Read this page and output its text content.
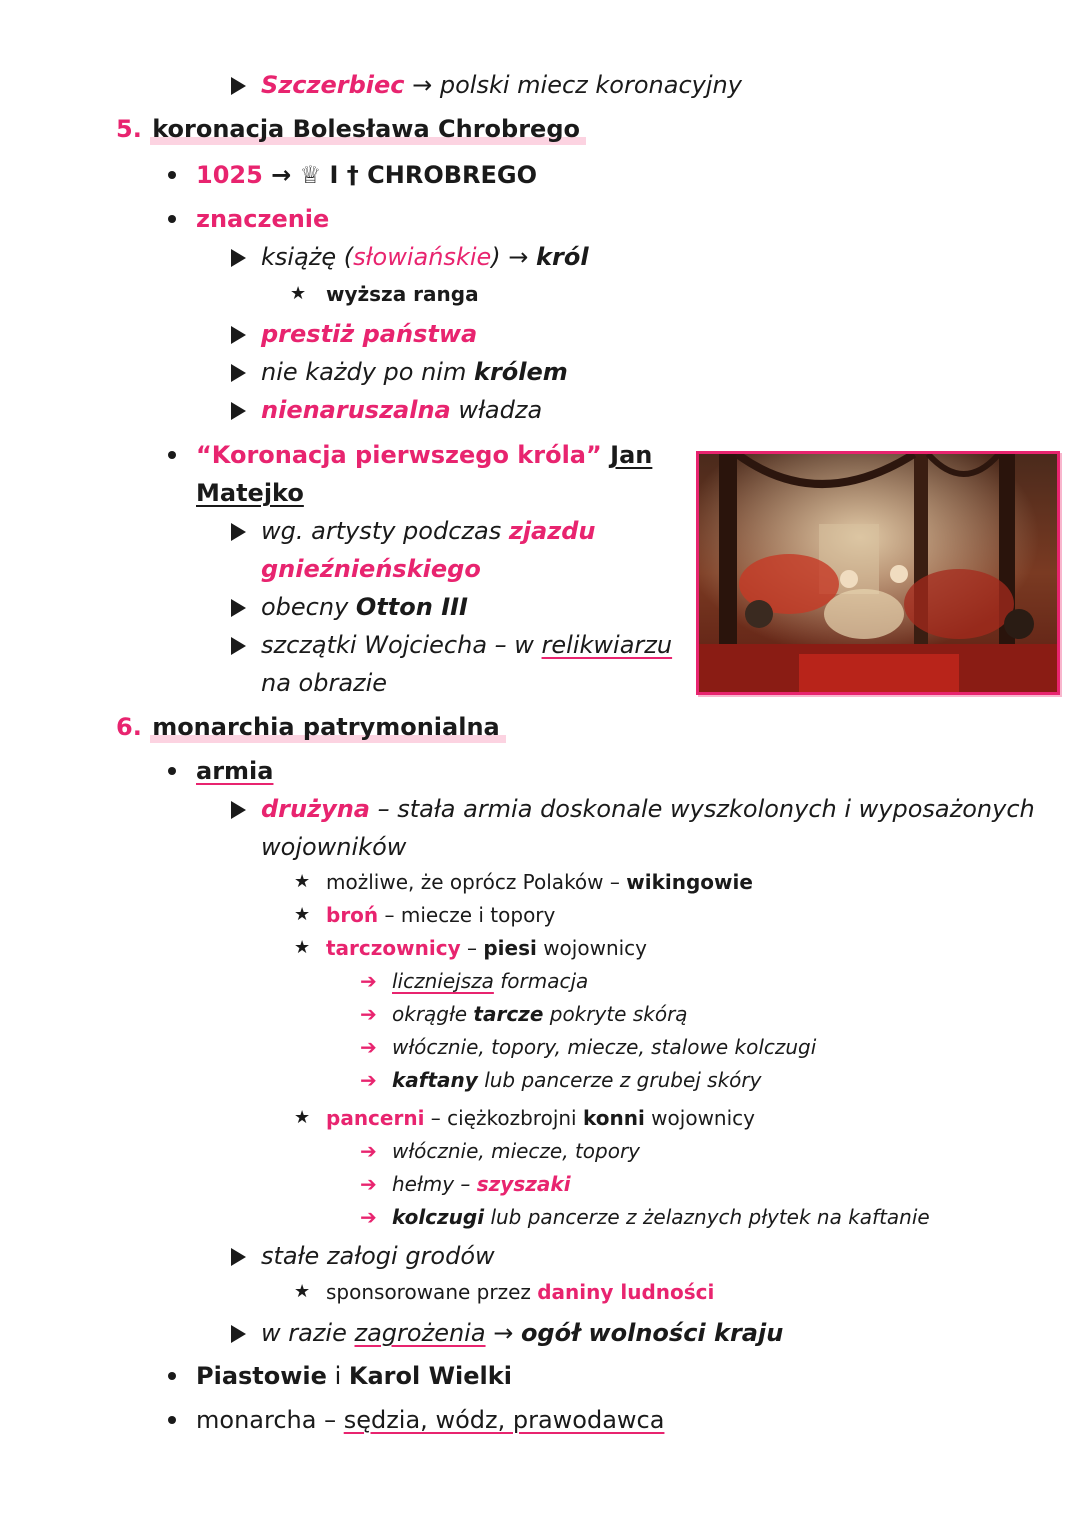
Szczerbiec → polski miecz koronacyjny
5. koronacja Bolesława Chrobrego
1025 → ♕ I † CHROBREGO
znaczenie
książę (słowiańskie) → król
★ wyższa ranga
prestiż państwa
nie każdy po nim królem
nienaruszalna władza
“Koronacja pierwszego króla” Jan
Matejko
wg. artysty podczas zjazdu
gnieźnieńskiego
obecny Otton III
szczątki Wojciecha – w relikwiarzu
na obrazie
6. monarchia patrymonialna
armia
drużyna – stała armia doskonale wyszkolonych i wyposażonych
wojowników
★ możliwe, że oprócz Polaków – wikingowie
★ broń – miecze i topory
★ tarczownicy – piesi wojownicy
➔ liczniejsza formacja
➔ okrągłe tarcze pokryte skórą
➔ włócznie, topory, miecze, stalowe kolczugi
➔ kaftany lub pancerze z grubej skóry
★ pancerni – ciężkozbrojni konni wojownicy
➔ włócznie, miecze, topory
➔ hełmy – szyszaki
➔ kolczugi lub pancerze z żelaznych płytek na kaftanie
stałe załogi grodów
★ sponsorowane przez daniny ludności
w razie zagrożenia → ogół wolności kraju
Piastowie i Karol Wielki
monarcha – sędzia, wódz, prawodawca
